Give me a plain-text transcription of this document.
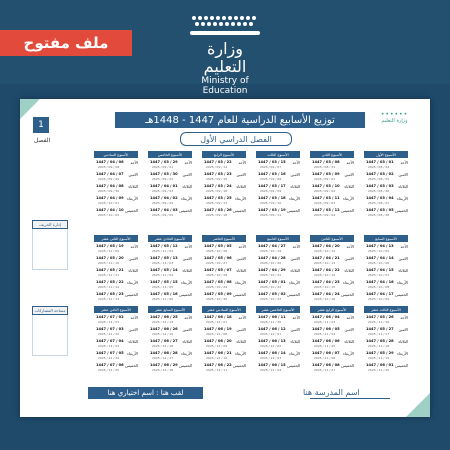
ملف مفتوح	وزارة التعليم
Ministry of Education
1
الفصل
توزيع الأسابيع الدراسية للعام 1447 - 1448هـ
الفصل الدراسي الأول
••••••
وزارة التعليم
الأسبوع الأول
الأحد
1447 / 03 / 01
2025 / 08 / 24
الاثنين
1447 / 03 / 02
2025 / 08 / 25
الثلاثاء
1447 / 03 / 03
2025 / 08 / 26
الأربعاء
1447 / 03 / 04
2025 / 08 / 27
الخميس
1447 / 03 / 05
2025 / 08 / 28
الأسبوع الثاني
الأحد
1447 / 03 / 08
2025 / 08 / 31
الاثنين
1447 / 03 / 09
2025 / 09 / 01
الثلاثاء
1447 / 03 / 10
2025 / 09 / 02
الأربعاء
1447 / 03 / 11
2025 / 09 / 03
الخميس
1447 / 03 / 12
2025 / 09 / 04
الأسبوع الثالث
الأحد
1447 / 03 / 15
2025 / 09 / 07
الاثنين
1447 / 03 / 16
2025 / 09 / 08
الثلاثاء
1447 / 03 / 17
2025 / 09 / 09
الأربعاء
1447 / 03 / 18
2025 / 09 / 10
الخميس
1447 / 03 / 19
2025 / 09 / 11
الأسبوع الرابع
الأحد
1447 / 03 / 22
2025 / 09 / 14
الاثنين
1447 / 03 / 23
2025 / 09 / 15
الثلاثاء
1447 / 03 / 24
2025 / 09 / 16
الأربعاء
1447 / 03 / 25
2025 / 09 / 17
الخميس
1447 / 03 / 26
2025 / 09 / 18
الأسبوع الخامس
الأحد
1447 / 03 / 29
2025 / 09 / 21
الاثنين
1447 / 03 / 30
2025 / 09 / 22
الثلاثاء
1447 / 04 / 01
2025 / 09 / 23
الأربعاء
1447 / 04 / 02
2025 / 09 / 24
الخميس
1447 / 04 / 03
2025 / 09 / 25
الأسبوع السادس
الأحد
1447 / 04 / 06
2025 / 09 / 28
الاثنين
1447 / 04 / 07
2025 / 09 / 29
الثلاثاء
1447 / 04 / 08
2025 / 09 / 30
الأربعاء
1447 / 04 / 09
2025 / 10 / 01
الخميس
1447 / 04 / 10
2025 / 10 / 02
الأسبوع السابع
الأحد
1447 / 04 / 13
2025 / 10 / 05
الاثنين
1447 / 04 / 14
2025 / 10 / 06
الثلاثاء
1447 / 04 / 15
2025 / 10 / 07
الأربعاء
1447 / 04 / 16
2025 / 10 / 08
الخميس
1447 / 04 / 17
2025 / 10 / 09
الأسبوع الثامن
الأحد
1447 / 04 / 20
2025 / 10 / 12
الاثنين
1447 / 04 / 21
2025 / 10 / 13
الثلاثاء
1447 / 04 / 22
2025 / 10 / 14
الأربعاء
1447 / 04 / 23
2025 / 10 / 15
الخميس
1447 / 04 / 24
2025 / 10 / 16
الأسبوع التاسع
الأحد
1447 / 04 / 27
2025 / 10 / 19
الاثنين
1447 / 04 / 28
2025 / 10 / 20
الثلاثاء
1447 / 04 / 29
2025 / 10 / 21
الأربعاء
1447 / 05 / 01
2025 / 10 / 22
الخميس
1447 / 05 / 02
2025 / 10 / 23
الأسبوع العاشر
الأحد
1447 / 05 / 05
2025 / 10 / 26
الاثنين
1447 / 05 / 06
2025 / 10 / 27
الثلاثاء
1447 / 05 / 07
2025 / 10 / 28
الأربعاء
1447 / 05 / 08
2025 / 10 / 29
الخميس
1447 / 05 / 09
2025 / 10 / 30
الأسبوع الحادي عشر
الأحد
1447 / 05 / 12
2025 / 11 / 02
الاثنين
1447 / 05 / 13
2025 / 11 / 03
الثلاثاء
1447 / 05 / 14
2025 / 11 / 04
الأربعاء
1447 / 05 / 15
2025 / 11 / 05
الخميس
1447 / 05 / 16
2025 / 11 / 06
الأسبوع الثاني عشر
الأحد
1447 / 05 / 19
2025 / 11 / 09
الاثنين
1447 / 05 / 20
2025 / 11 / 10
الثلاثاء
1447 / 05 / 21
2025 / 11 / 11
الأربعاء
1447 / 05 / 22
2025 / 11 / 12
الخميس
1447 / 05 / 23
2025 / 11 / 13
الأسبوع الثالث عشر
الأحد
1447 / 05 / 26
2025 / 11 / 16
الاثنين
1447 / 05 / 27
2025 / 11 / 17
الثلاثاء
1447 / 05 / 28
2025 / 11 / 18
الأربعاء
1447 / 05 / 29
2025 / 11 / 19
الخميس
1447 / 06 / 01
2025 / 11 / 20
الأسبوع الرابع عشر
الأحد
1447 / 06 / 04
2025 / 11 / 23
الاثنين
1447 / 06 / 05
2025 / 11 / 24
الثلاثاء
1447 / 06 / 06
2025 / 11 / 25
الأربعاء
1447 / 06 / 07
2025 / 11 / 26
الخميس
1447 / 06 / 08
2025 / 11 / 27
الأسبوع الخامس عشر
الأحد
1447 / 06 / 11
2025 / 11 / 30
الاثنين
1447 / 06 / 12
2025 / 12 / 01
الثلاثاء
1447 / 06 / 13
2025 / 12 / 02
الأربعاء
1447 / 06 / 14
2025 / 12 / 03
الخميس
1447 / 06 / 15
2025 / 12 / 04
الأسبوع السادس عشر
الأحد
1447 / 06 / 18
2025 / 12 / 07
الاثنين
1447 / 06 / 19
2025 / 12 / 08
الثلاثاء
1447 / 06 / 20
2025 / 12 / 09
الأربعاء
1447 / 06 / 21
2025 / 12 / 10
الخميس
1447 / 06 / 22
2025 / 12 / 11
الأسبوع السابع عشر
الأحد
1447 / 06 / 25
2025 / 12 / 14
الاثنين
1447 / 06 / 26
2025 / 12 / 15
الثلاثاء
1447 / 06 / 27
2025 / 12 / 16
الأربعاء
1447 / 06 / 28
2025 / 12 / 17
الخميس
1447 / 06 / 29
2025 / 12 / 18
الأسبوع الثامن عشر
الأحد
1447 / 07 / 02
2025 / 12 / 21
الاثنين
1447 / 07 / 03
2025 / 12 / 22
الثلاثاء
1447 / 07 / 04
2025 / 12 / 23
الأربعاء
1447 / 07 / 05
2025 / 12 / 24
الخميس
1447 / 07 / 06
2025 / 12 / 25
إدارة الحريف
مساحة المشاركات
اسم المدرسة هنا
لقب هنا : اسم اختياري هنا
